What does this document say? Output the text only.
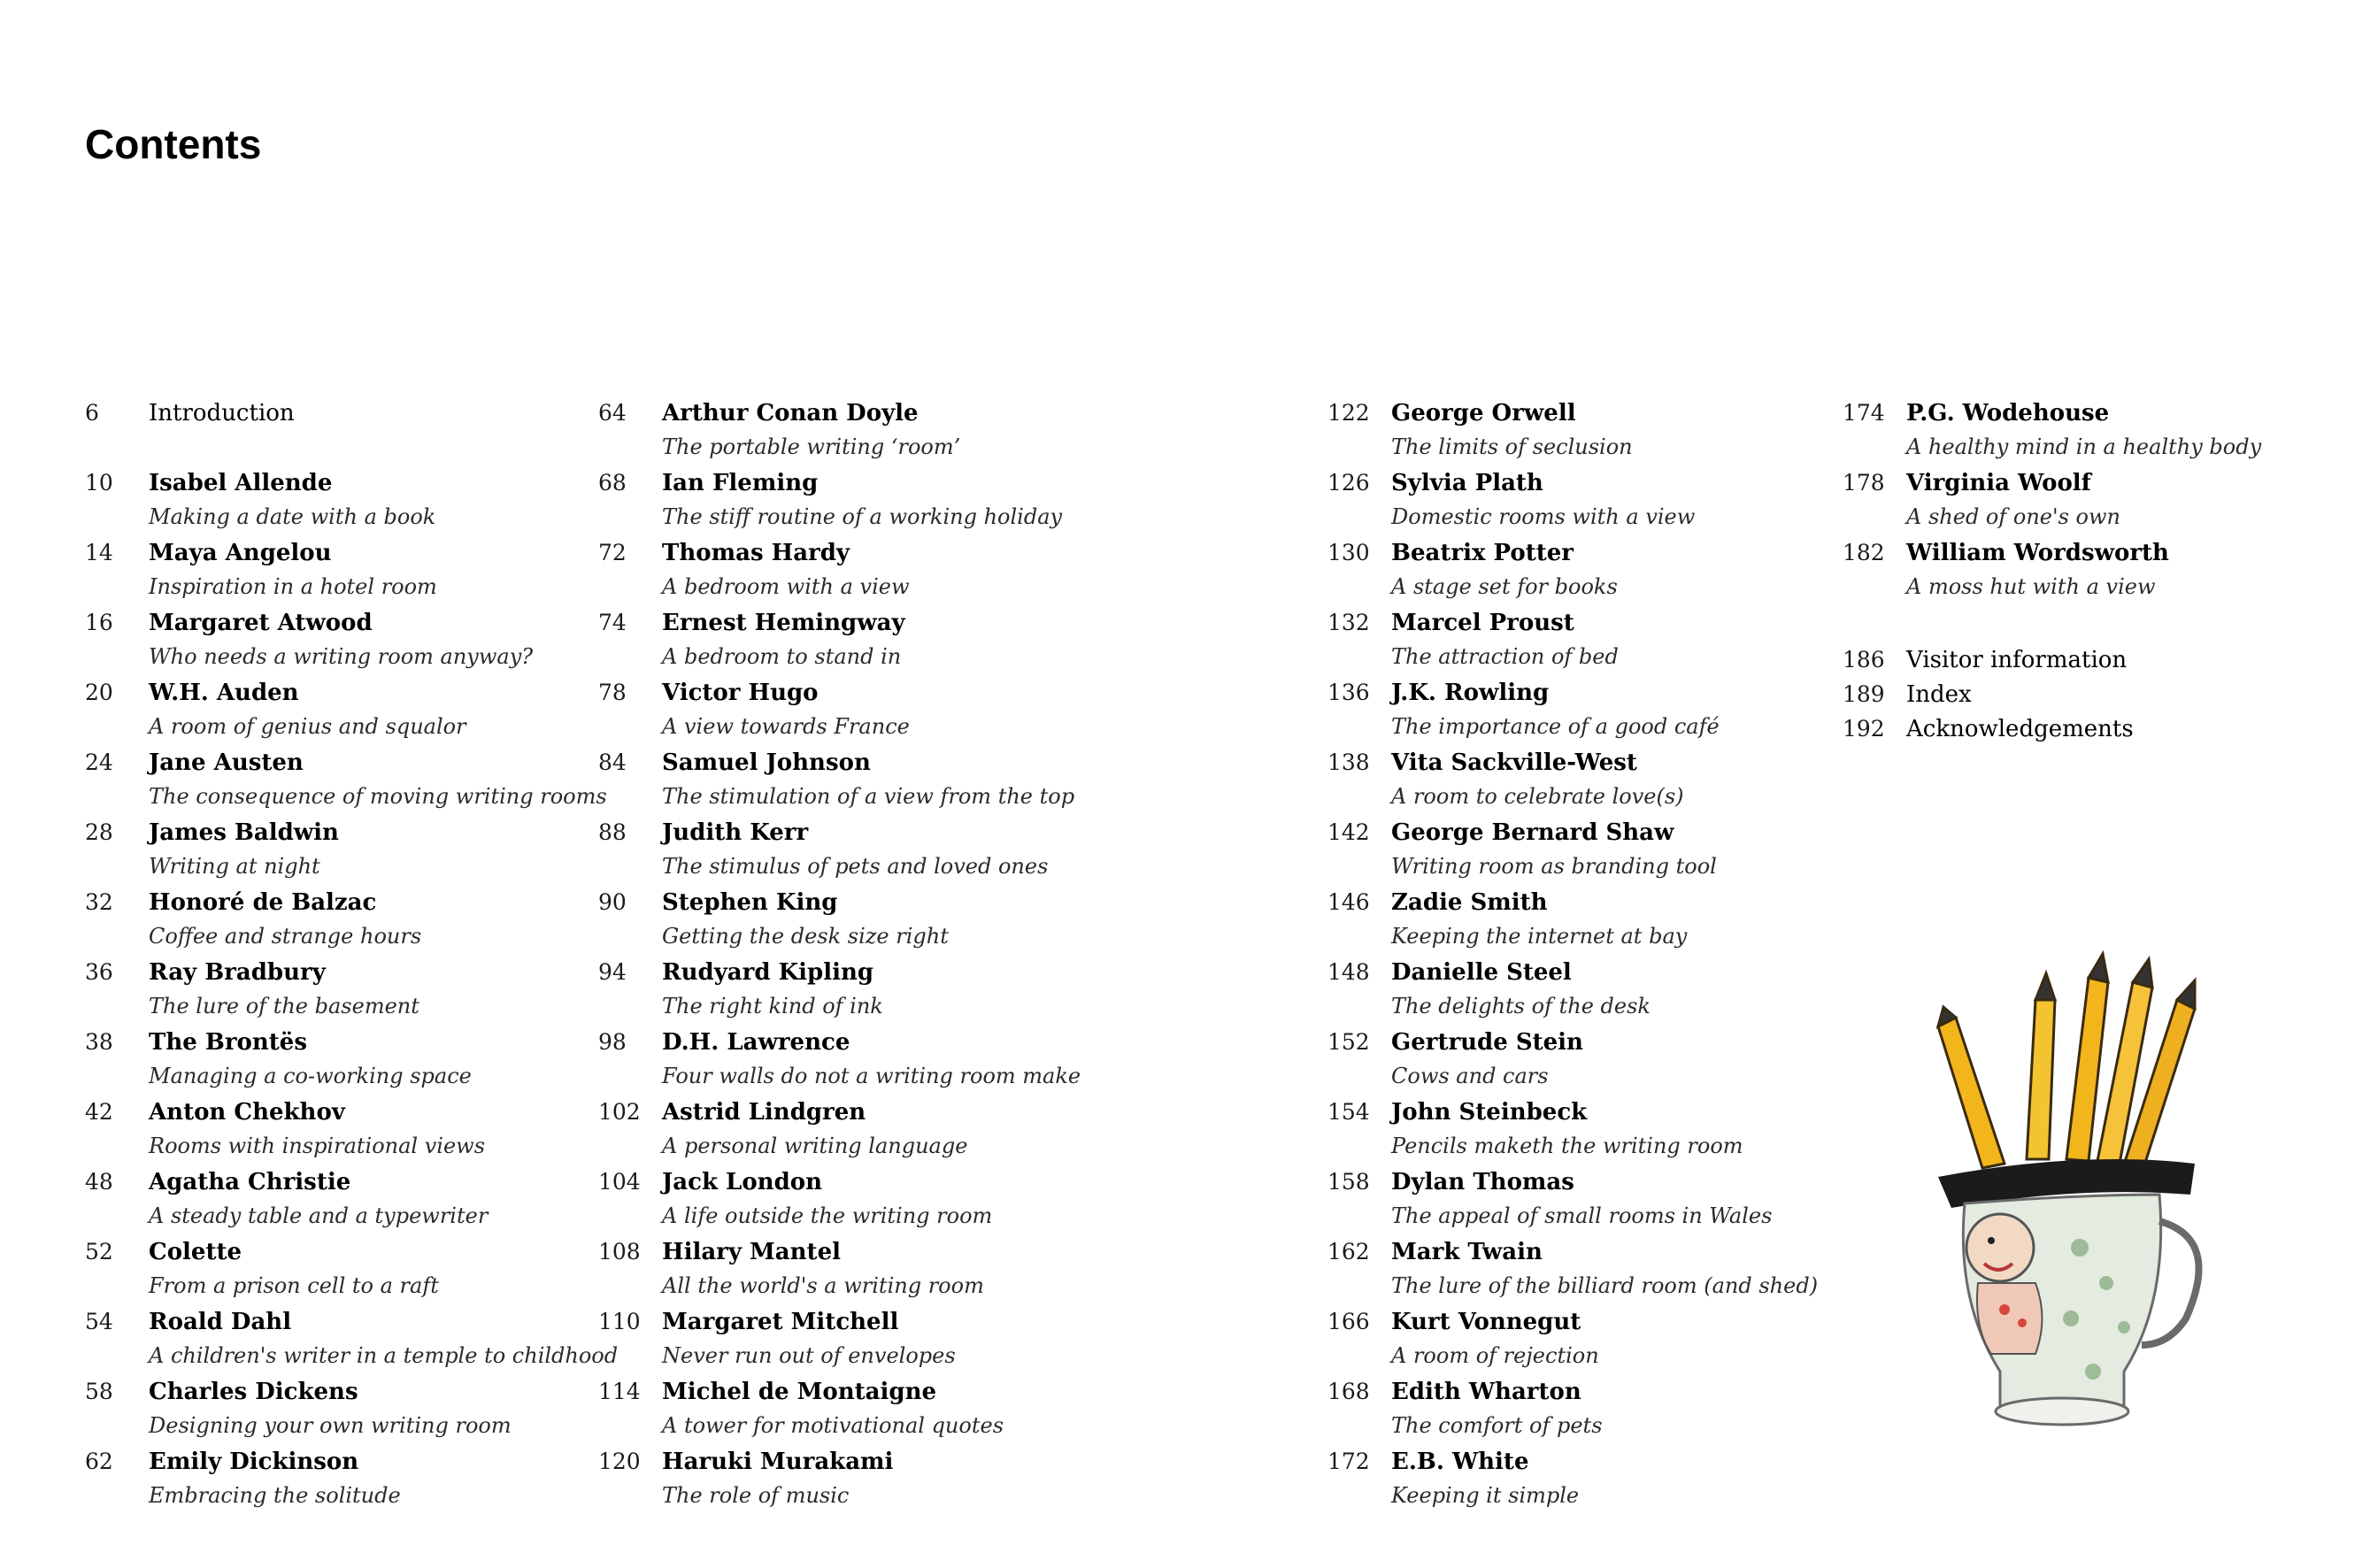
Contents
6 Introduction
10 Isabel Allende
Making a date with a book
14 Maya Angelou
Inspiration in a hotel room
16 Margaret Atwood
Who needs a writing room anyway?
20 W.H. Auden
A room of genius and squalor
24 Jane Austen
The consequence of moving writing rooms
28 James Baldwin
Writing at night
32 Honoré de Balzac
Coffee and strange hours
36 Ray Bradbury
The lure of the basement
38 The Brontës
Managing a co-working space
42 Anton Chekhov
Rooms with inspirational views
48 Agatha Christie
A steady table and a typewriter
52 Colette
From a prison cell to a raft
54 Roald Dahl
A children's writer in a temple to childhood
58 Charles Dickens
Designing your own writing room
62 Emily Dickinson
Embracing the solitude
64 Arthur Conan Doyle
The portable writing ‘room’
68 Ian Fleming
The stiff routine of a working holiday
72 Thomas Hardy
A bedroom with a view
74 Ernest Hemingway
A bedroom to stand in
78 Victor Hugo
A view towards France
84 Samuel Johnson
The stimulation of a view from the top
88 Judith Kerr
The stimulus of pets and loved ones
90 Stephen King
Getting the desk size right
94 Rudyard Kipling
The right kind of ink
98 D.H. Lawrence
Four walls do not a writing room make
102 Astrid Lindgren
A personal writing language
104 Jack London
A life outside the writing room
108 Hilary Mantel
All the world's a writing room
110 Margaret Mitchell
Never run out of envelopes
114 Michel de Montaigne
A tower for motivational quotes
120 Haruki Murakami
The role of music
122 George Orwell
The limits of seclusion
126 Sylvia Plath
Domestic rooms with a view
130 Beatrix Potter
A stage set for books
132 Marcel Proust
The attraction of bed
136 J.K. Rowling
The importance of a good café
138 Vita Sackville-West
A room to celebrate love(s)
142 George Bernard Shaw
Writing room as branding tool
146 Zadie Smith
Keeping the internet at bay
148 Danielle Steel
The delights of the desk
152 Gertrude Stein
Cows and cars
154 John Steinbeck
Pencils maketh the writing room
158 Dylan Thomas
The appeal of small rooms in Wales
162 Mark Twain
The lure of the billiard room (and shed)
166 Kurt Vonnegut
A room of rejection
168 Edith Wharton
The comfort of pets
172 E.B. White
Keeping it simple
174 P.G. Wodehouse
A healthy mind in a healthy body
178 Virginia Woolf
A shed of one's own
182 William Wordsworth
A moss hut with a view
186 Visitor information
189 Index
192 Acknowledgements
